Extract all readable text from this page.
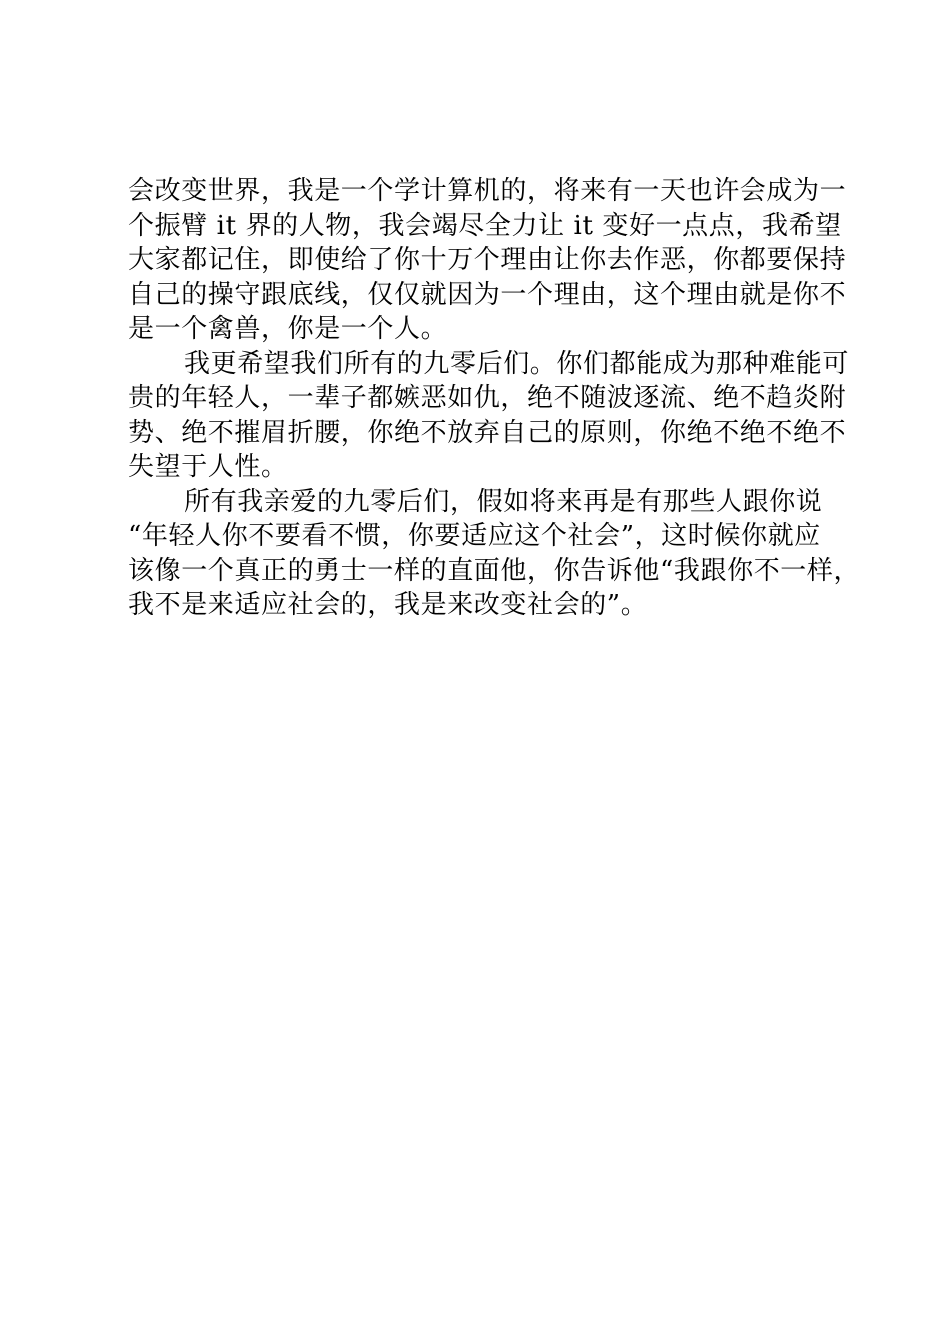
会改变世界，我是一个学计算机的，将来有一天也许会成为一
个振臂 it 界的人物，我会竭尽全力让 it 变好一点点，我希望
大家都记住，即使给了你十万个理由让你去作恶，你都要保持
自己的操守跟底线，仅仅就因为一个理由，这个理由就是你不
是一个禽兽，你是一个人。
我更希望我们所有的九零后们。你们都能成为那种难能可
贵的年轻人，一辈子都嫉恶如仇，绝不随波逐流、绝不趋炎附
势、绝不摧眉折腰，你绝不放弃自己的原则，你绝不绝不绝不
失望于人性。
所有我亲爱的九零后们，假如将来再是有那些人跟你说
“年轻人你不要看不惯，你要适应这个社会”，这时候你就应
该像一个真正的勇士一样的直面他，你告诉他“我跟你不一样，
我不是来适应社会的，我是来改变社会的”。
